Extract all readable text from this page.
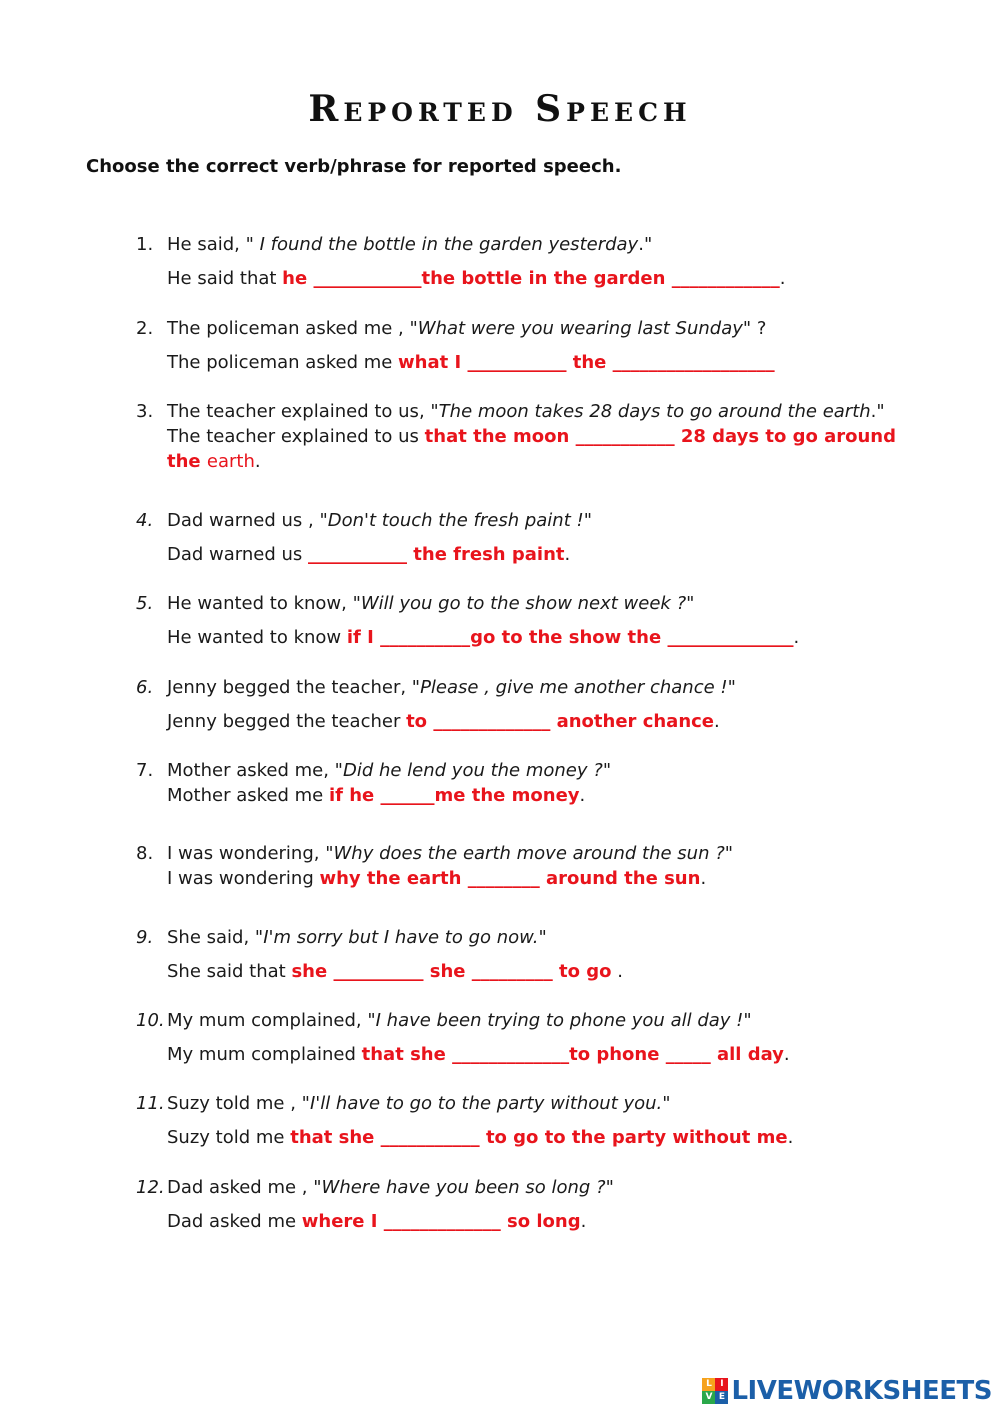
Reported Speech
Choose the correct verb/phrase for reported speech.
1. He said, " I found the bottle in the garden yesterday."
He said that he ____________the bottle in the garden ____________.
2. The policeman asked me , "What were you wearing last Sunday" ?
The policeman asked me what I ___________ the __________________
3. The teacher explained to us, "The moon takes 28 days to go around the earth."
The teacher explained to us that the moon ___________ 28 days to go around the earth.
4. Dad warned us , "Don't touch the fresh paint !"
Dad warned us ___________ the fresh paint.
5. He wanted to know, "Will you go to the show next week ?"
He wanted to know if I __________go to the show the ______________.
6. Jenny begged the teacher, "Please , give me another chance !"
Jenny begged the teacher to _____________ another chance.
7. Mother asked me, "Did he lend you the money ?"
Mother asked me if he ______me the money.
8. I was wondering, "Why does the earth move around the sun ?"
I was wondering why the earth ________ around the sun.
9. She said, "I'm sorry but I have to go now."
She said that she __________ she _________ to go .
10. My mum complained, "I have been trying to phone you all day !"
My mum complained that she _____________to phone _____ all day.
11. Suzy told me , "I'll have to go to the party without you."
Suzy told me that she ___________ to go to the party without me.
12. Dad asked me , "Where have you been so long ?"
Dad asked me where I _____________ so long.
L I
V E LIVEWORKSHEETS
